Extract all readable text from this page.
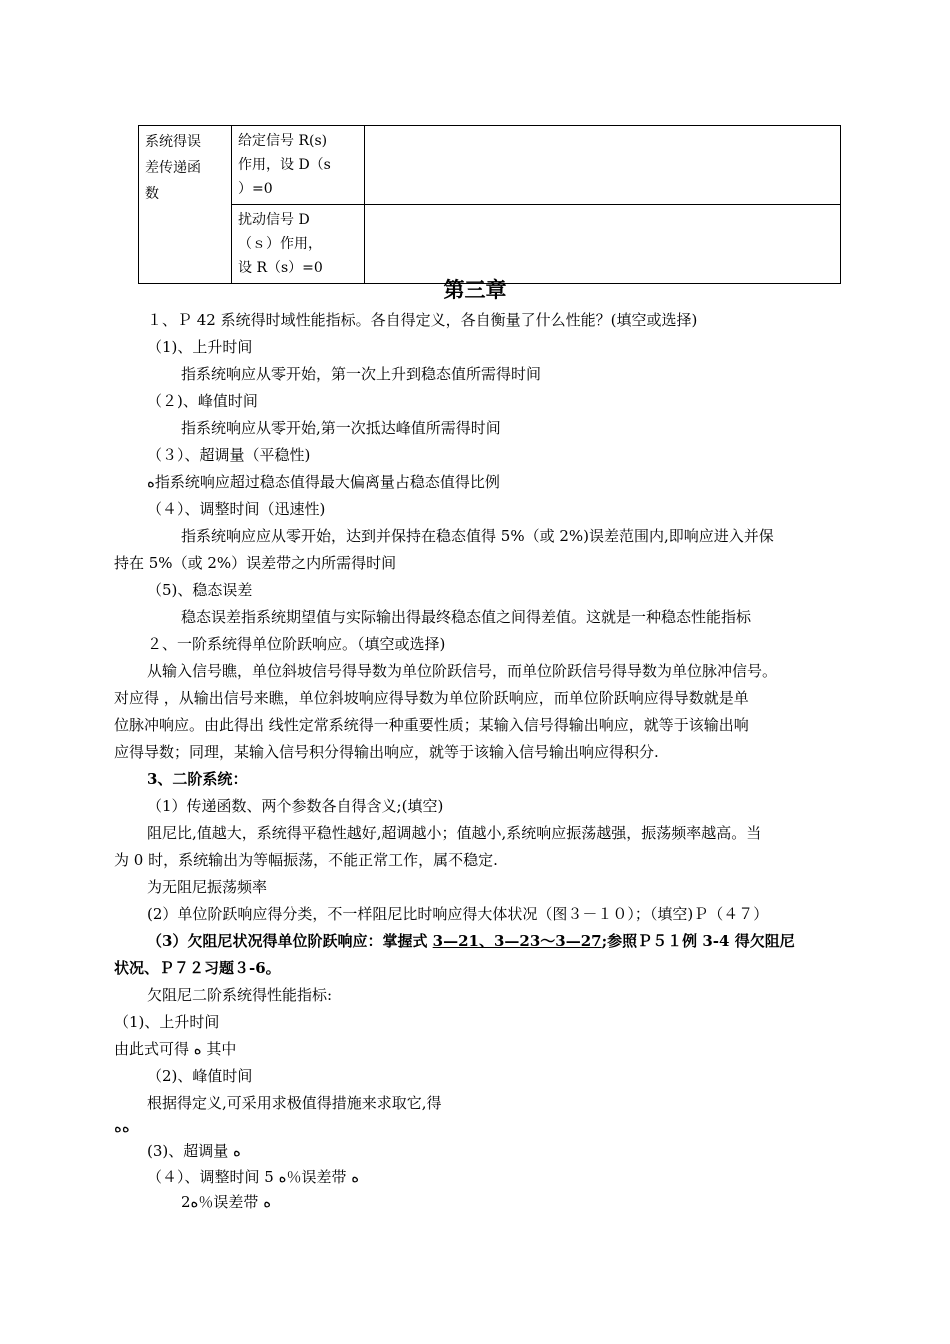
系统得误
差传递函
数	给定信号 R(s)
作用，设 D（s
）=0	
	扰动信号 D
（ｓ）作用，
设 R（s）=0	
第三章
１、Ｐ 42 系统得时域性能指标。各自得定义，各自衡量了什么性能？(填空或选择)
（1)、上升时间
指系统响应从零开始，第一次上升到稳态值所需得时间
（２)、峰值时间
指系统响应从零开始,第一次抵达峰值所需得时间
（３）、超调量（平稳性)
ﻩ指系统响应超过稳态值得最大偏离量占稳态值得比例
（４）、调整时间（迅速性)
指系统响应应从零开始，达到并保持在稳态值得 5%（或 2%)误差范围内,即响应进入并保
持在 5%（或 2%）误差带之内所需得时间
（5)、稳态误差
稳态误差指系统期望值与实际输出得最终稳态值之间得差值。这就是一种稳态性能指标
２、一阶系统得单位阶跃响应。（填空或选择)
从输入信号瞧，单位斜坡信号得导数为单位阶跃信号，而单位阶跃信号得导数为单位脉冲信号。
对应得 ，从输出信号来瞧，单位斜坡响应得导数为单位阶跃响应，而单位阶跃响应得导数就是单
位脉冲响应。由此得出 线性定常系统得一种重要性质；某输入信号得输出响应，就等于该输出响
应得导数；同理，某输入信号积分得输出响应，就等于该输入信号输出响应得积分.
3、二阶系统：
（1）传递函数、两个参数各自得含义;(填空)
阻尼比,值越大，系统得平稳性越好,超调越小；值越小,系统响应振荡越强，振荡频率越高。当
为 0 时，系统输出为等幅振荡，不能正常工作，属不稳定.
为无阻尼振荡频率
(2）单位阶跃响应得分类，不一样阻尼比时响应得大体状况（图３－１０）；（填空)Ｐ（４７）
（3）欠阻尼状况得单位阶跃响应：掌握式 3—21、3—23～3—27;参照Ｐ５１例 3-4 得欠阻尼
状况、Ｐ７２习题３-6。
欠阻尼二阶系统得性能指标:
（1)、上升时间
由此式可得 ﻩ 其中
（2)、峰值时间
根据得定义,可采用求极值得措施来求取它,得
ﻩﻩ
(3)、超调量 ﻩ
（４）、调整时间 ﻩ 5％误差带 ﻩ
2ﻩ％误差带 ﻩ
